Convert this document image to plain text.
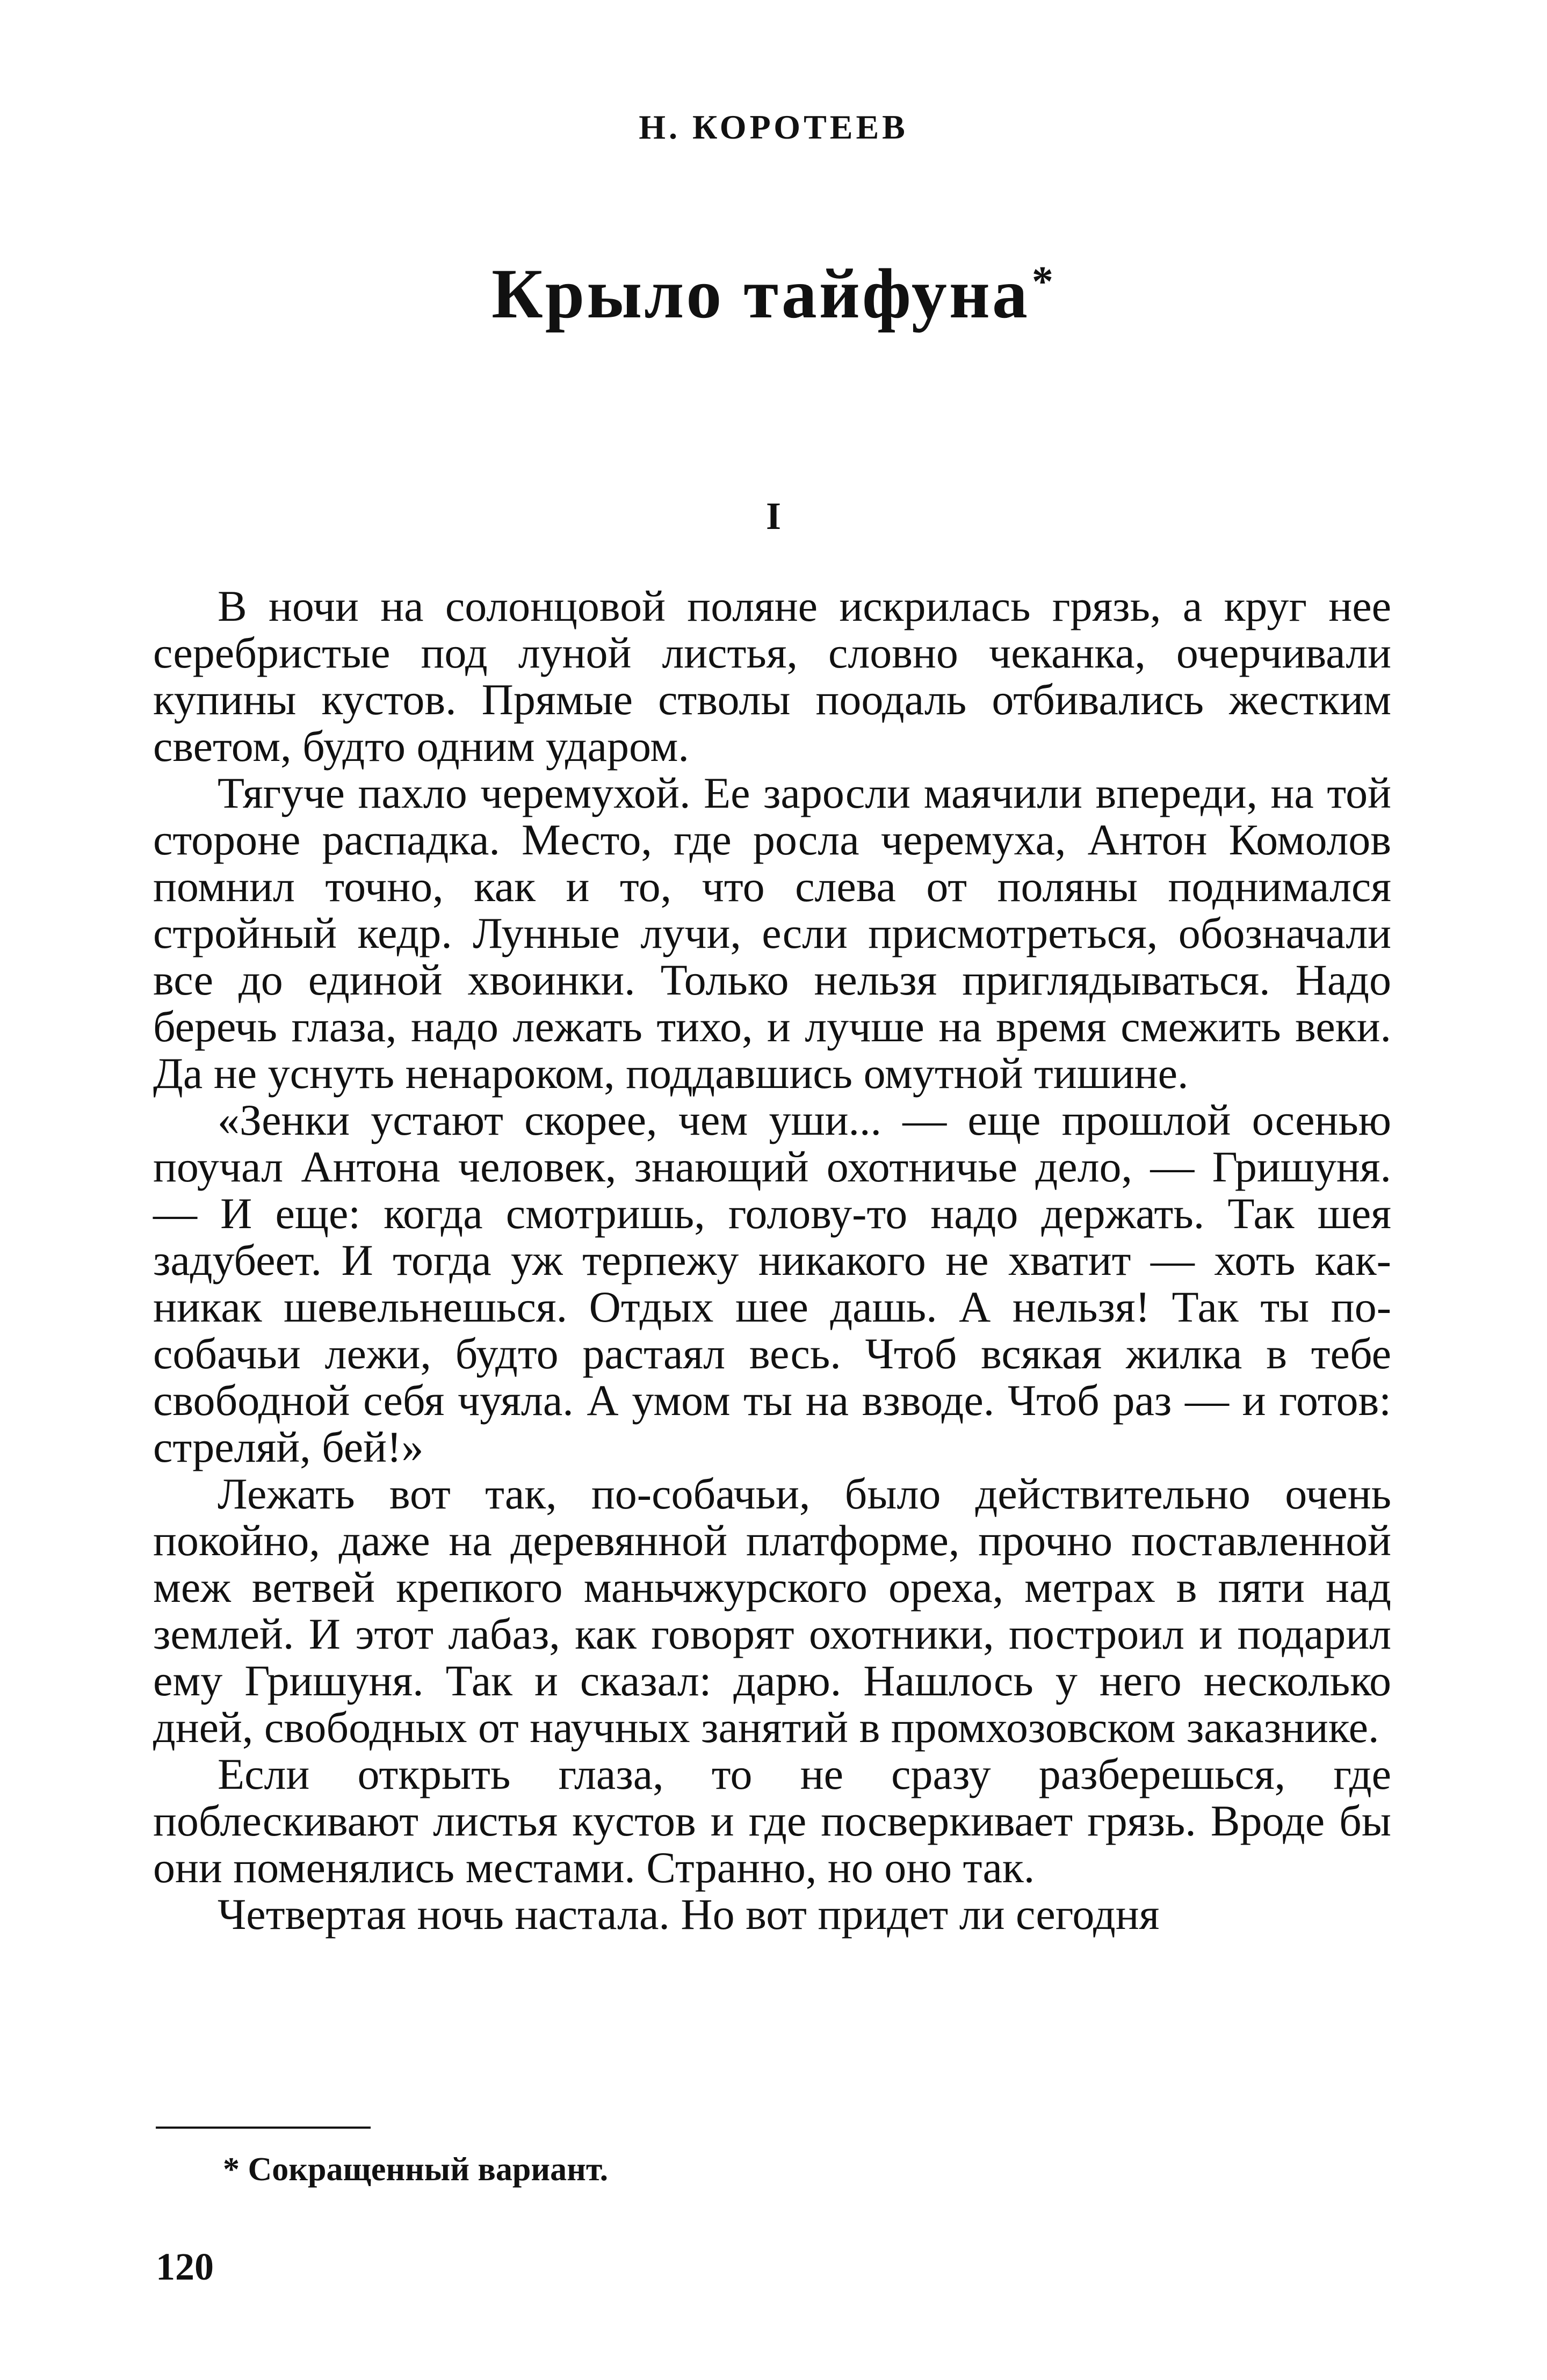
Н. КОРОТЕЕВ
Крыло тайфуна*
I

В ночи на солонцовой поляне искрилась грязь, а круг нее серебристые под луной листья, словно чеканка, очерчивали купины кустов. Прямые стволы поодаль отбивались жестким светом, будто одним ударом.

Тягуче пахло черемухой. Ее заросли маячили впереди, на той стороне распадка. Место, где росла черемуха, Антон Комолов помнил точно, как и то, что слева от поляны поднимался стройный кедр. Лунные лучи, если присмотреться, обозначали все до единой хвоинки. Только нельзя приглядываться. Надо беречь глаза, надо лежать тихо, и лучше на время смежить веки. Да не уснуть ненароком, поддавшись омутной тишине.

«Зенки устают скорее, чем уши... — еще прошлой осенью поучал Антона человек, знающий охотничье дело, — Гришуня. — И еще: когда смотришь, голову-то надо держать. Так шея задубеет. И тогда уж терпежу никакого не хватит — хоть как-никак шевельнешься. Отдых шее дашь. А нельзя! Так ты по-собачьи лежи, будто растаял весь. Чтоб всякая жилка в тебе свободной себя чуяла. А умом ты на взводе. Чтоб раз — и готов: стреляй, бей!»

Лежать вот так, по-собачьи, было действительно очень покойно, даже на деревянной платформе, прочно поставленной меж ветвей крепкого маньчжурского ореха, метрах в пяти над землей. И этот лабаз, как говорят охотники, построил и подарил ему Гришуня. Так и сказал: дарю. Нашлось у него несколько дней, свободных от научных занятий в промхозовском заказнике.

Если открыть глаза, то не сразу разберешься, где поблескивают листья кустов и где посверкивает грязь. Вроде бы они поменялись местами. Странно, но оно так.

Четвертая ночь настала. Но вот придет ли сегодня

* Сокращенный вариант.
120
